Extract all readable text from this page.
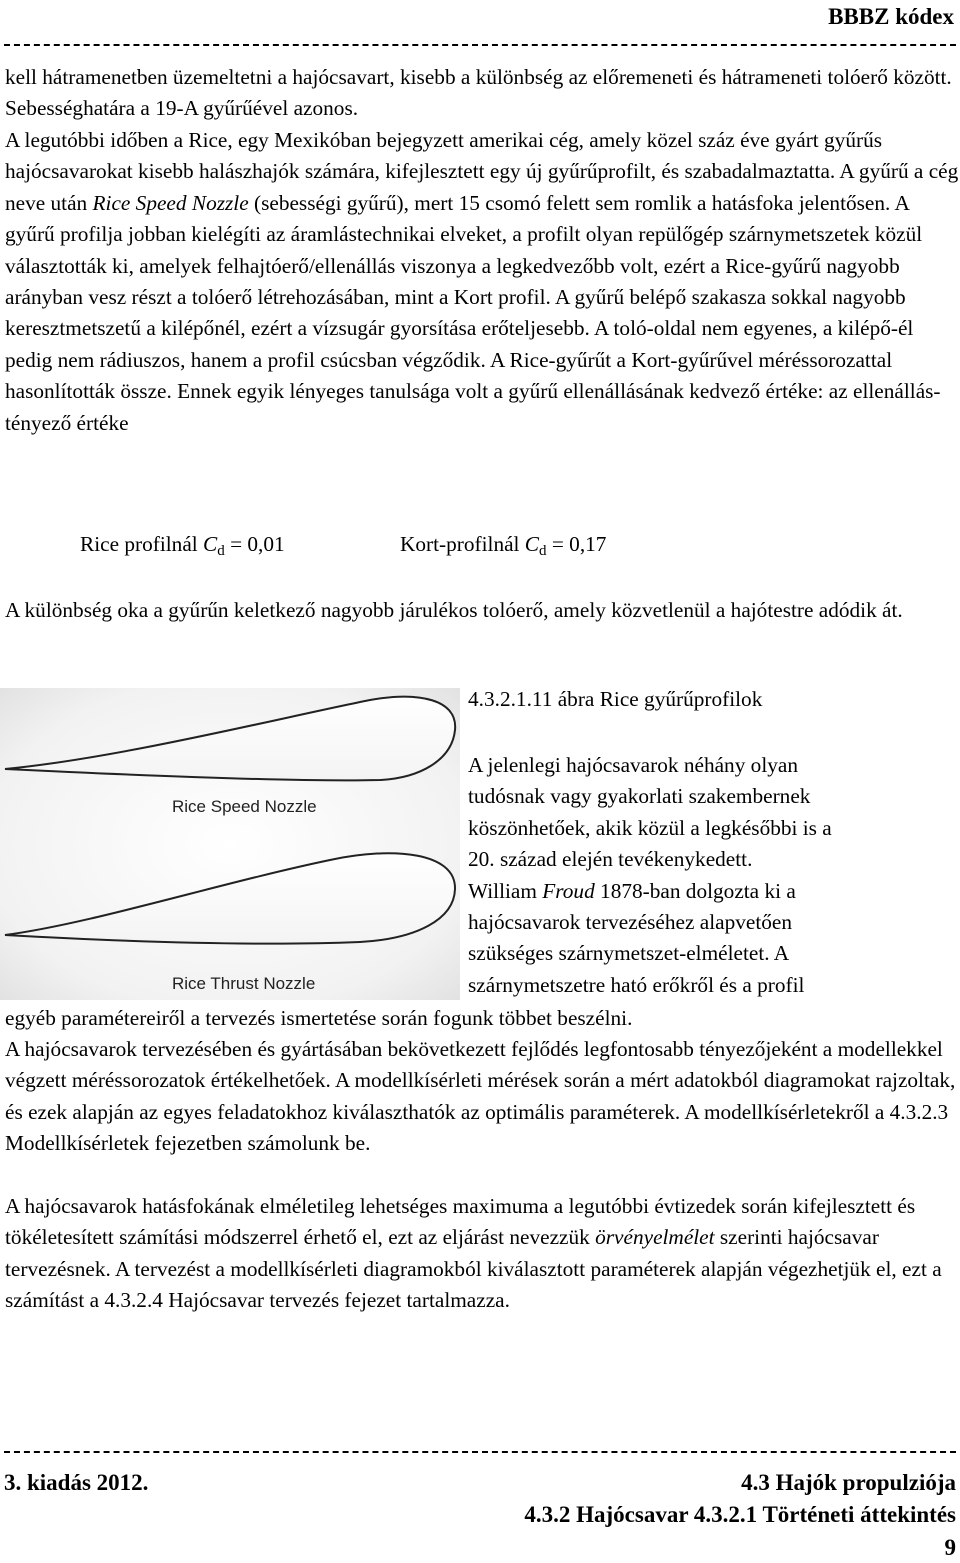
BBBZ kódex

kell hátramenetben üzemeltetni a hajócsavart, kisebb a különbség az előremeneti és hátrameneti tolóerő között. Sebességhatára a 19-A gyűrűével azonos.

A legutóbbi időben a Rice, egy Mexikóban bejegyzett amerikai cég, amely közel száz éve gyárt gyűrűs hajócsavarokat kisebb halászhajók számára, kifejlesztett egy új gyűrűprofilt, és szabadalmaztatta. A gyűrű a cég neve után Rice Speed Nozzle (sebességi gyűrű), mert 15 csomó felett sem romlik a hatásfoka jelentősen. A gyűrű profilja jobban kielégíti az áramlástechnikai elveket, a profilt olyan repülőgép szárnymetszetek közül választották ki, amelyek felhajtóerő/ellenállás viszonya a legkedvezőbb volt, ezért a Rice-gyűrű nagyobb arányban vesz részt a tolóerő létrehozásában, mint a Kort profil. A gyűrű belépő szakasza sokkal nagyobb keresztmetszetű a kilépőnél, ezért a vízsugár gyorsítása erőteljesebb. A toló-oldal nem egyenes, a kilépő-él pedig nem rádiuszos, hanem a profil csúcsban végződik. A Rice-gyűrűt a Kort-gyűrűvel méréssorozattal hasonlították össze. Ennek egyik lényeges tanulsága volt a gyűrű ellenállásának kedvező értéke: az ellenállás-tényező értéke

Rice profilnál $C_d = 0,01$	Kort-profilnál $C_d = 0,17$

A különbség oka a gyűrűn keletkező nagyobb járulékos tolóerő, amely közvetlenül a hajótestre adódik át.

Rice Speed Nozzle
Rice Thrust Nozzle
4.3.2.1.11 ábra Rice gyűrűprofilok

A jelenlegi hajócsavarok néhány olyan
tudósnak vagy gyakorlati szakembernek
köszönhetőek, akik közül a legkésőbbi is a
20. század elején tevékenykedett.
William Froud 1878-ban dolgozta ki a
hajócsavarok tervezéséhez alapvetően
szükséges szárnymetszet-elméletet. A
szárnymetszetre ható erőkről és a profil

egyéb paramétereiről a tervezés ismertetése során fogunk többet beszélni.

A hajócsavarok tervezésében és gyártásában bekövetkezett fejlődés legfontosabb tényezőjeként a modellekkel végzett méréssorozatok értékelhetőek. A modellkísérleti mérések során a mért adatokból diagramokat rajzoltak, és ezek alapján az egyes feladatokhoz kiválaszthatók az optimális paraméterek. A modellkísérletekről a 4.3.2.3 Modellkísérletek fejezetben számolunk be.

A hajócsavarok hatásfokának elméletileg lehetséges maximuma a legutóbbi évtizedek során kifejlesztett és tökéletesített számítási módszerrel érhető el, ezt az eljárást nevezzük örvényelmélet szerinti hajócsavar tervezésnek. A tervezést a modellkísérleti diagramokból kiválasztott paraméterek alapján végezhetjük el, ezt a számítást a 4.3.2.4 Hajócsavar tervezés fejezet tartalmazza.

3. kiadás 2012.	4.3 Hajók propulziója
4.3.2 Hajócsavar 4.3.2.1 Történeti áttekintés
9
